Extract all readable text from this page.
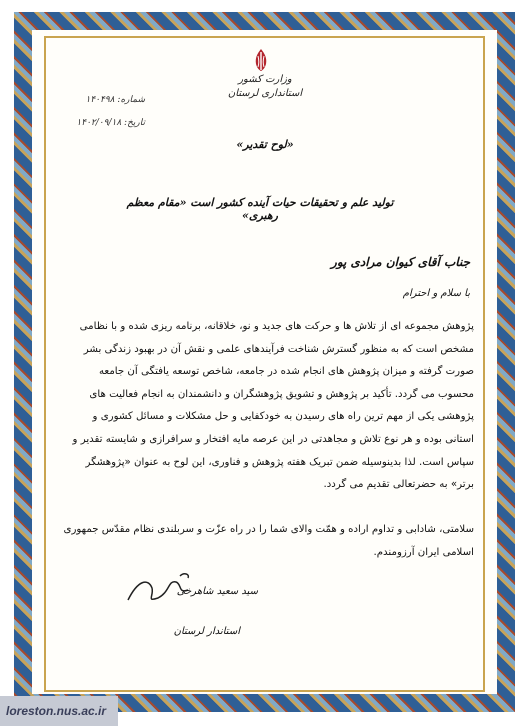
وزارت کشور
استانداری لرستان
شماره: ۱۴۰۴۹۸
تاریخ: ۱۴۰۲/۰۹/۱۸
«لوح تقدیر»
تولید علم و تحقیقات حیات آینده کشور است «مقام معظم رهبری»
جناب آقای کیوان مرادی پور
با سلام و احترام

پژوهش مجموعه ای از تلاش ها و حرکت های جدید و نو، خلاقانه، برنامه ریزی شده و با نظامی مشخص است که به منظور گسترش شناخت فرآیندهای علمی و نقش آن در بهبود زندگی بشر صورت گرفته و میزان پژوهش های انجام شده در جامعه، شاخص توسعه یافتگی آن جامعه محسوب می گردد. تأکید بر پژوهش و تشویق پژوهشگران و دانشمندان به انجام فعالیت های پژوهشی یکی از مهم ترین راه های رسیدن به خودکفایی و حل مشکلات و مسائل کشوری و استانی بوده و هر نوع تلاش و مجاهدتی در این عرصه مایه افتخار و سرافرازی و شایسته تقدیر و سپاس است. لذا بدینوسیله ضمن تبریک هفته پژوهش و فناوری، این لوح به عنوان «پژوهشگر برتر» به حضرتعالی تقدیم می گردد.

سلامتی، شادابی و تداوم اراده و همّت والای شما را در راه عزّت و سربلندی نظام مقدّس جمهوری اسلامی ایران آرزومندم.

سید سعید شاهرخی
استاندار لرستان
loreston.nus.ac.ir
